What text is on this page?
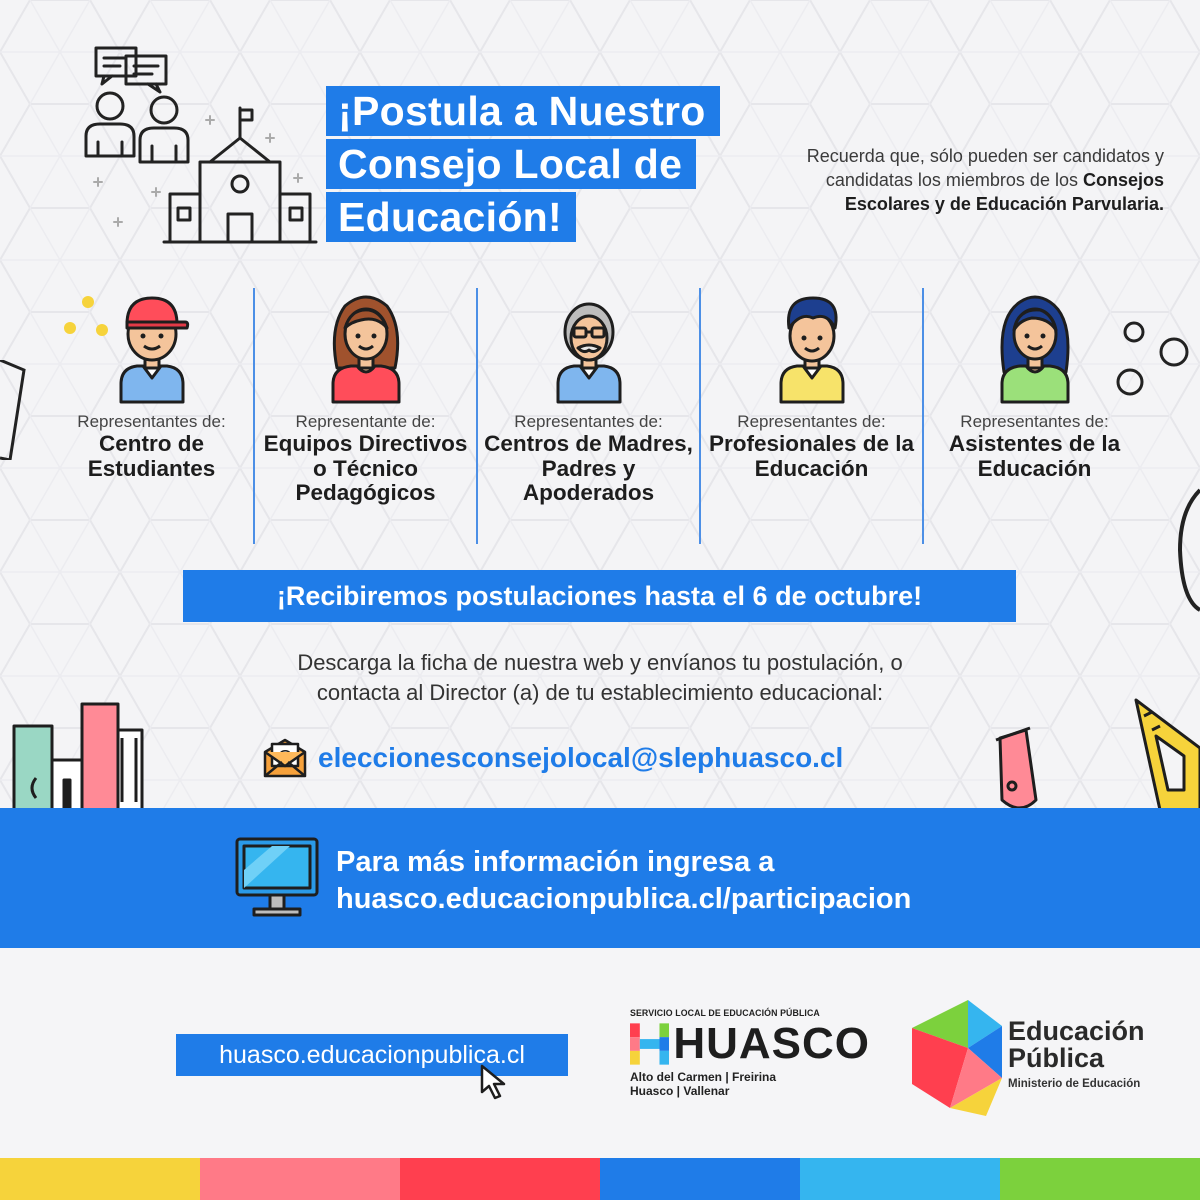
¡Postula a Nuestro
Consejo Local de
Educación!
Recuerda que, sólo pueden ser candidatos y candidatas los miembros de los Consejos Escolares y de Educación Parvularia.
Representantes de:
Centro de Estudiantes
Representante de:
Equipos Directivos o Técnico Pedagógicos
Representantes de:
Centros de Madres, Padres y Apoderados
Representantes de:
Profesionales de la Educación
Representantes de:
Asistentes de la Educación
¡Recibiremos postulaciones hasta el 6 de octubre!
Descarga la ficha de nuestra web y envíanos tu postulación, o
contacta al Director (a) de tu establecimiento educacional:
eleccionesconsejolocal@slephuasco.cl
Para más información ingresa a
huasco.educacionpublica.cl/participacion
huasco.educacionpublica.cl
SERVICIO LOCAL DE EDUCACIÓN PÚBLICA
HUASCO
Alto del Carmen | Freirina
Huasco | Vallenar
Educación
Pública
Ministerio de Educación
